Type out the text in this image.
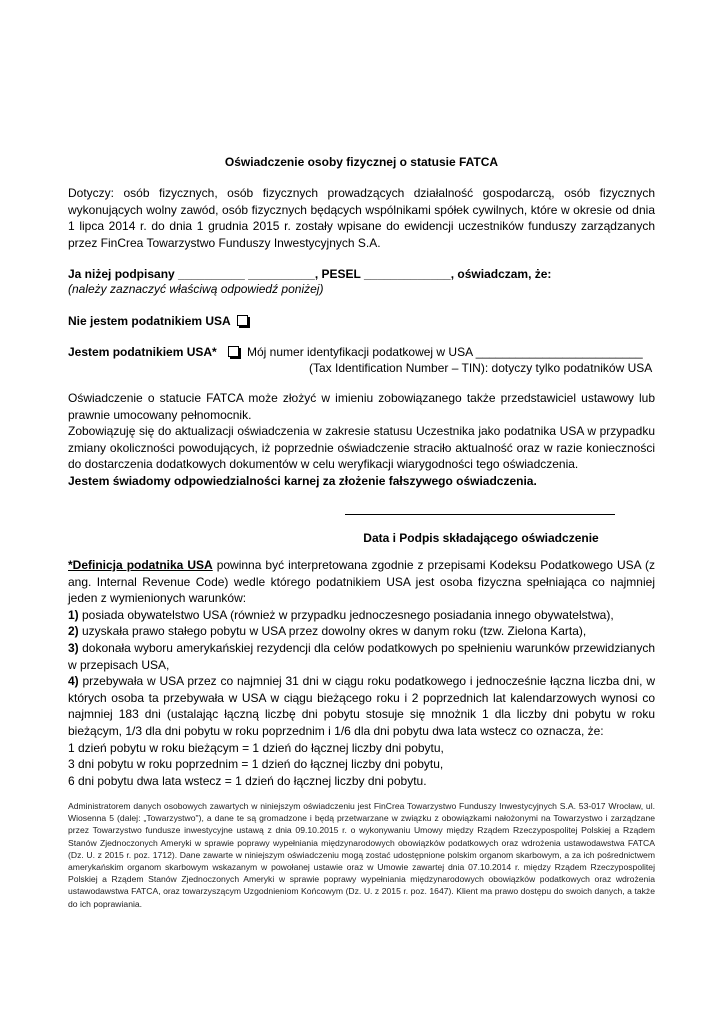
Oświadczenie osoby fizycznej o statusie FATCA
Dotyczy: osób fizycznych, osób fizycznych prowadzących działalność gospodarczą, osób fizycznych wykonujących wolny zawód, osób fizycznych będących wspólnikami spółek cywilnych, które w okresie od dnia 1 lipca 2014 r. do dnia 1 grudnia 2015 r. zostały wpisane do ewidencji uczestników funduszy zarządzanych przez FinCrea Towarzystwo Funduszy Inwestycyjnych S.A.
Ja niżej podpisany __________ __________, PESEL _____________, oświadczam, że:
(należy zaznaczyć właściwą odpowiedź poniżej)
Nie jestem podatnikiem USA
Jestem podatnikiem USA*	Mój numer identyfikacji podatkowej w USA _________________________
(Tax Identification Number – TIN): dotyczy tylko podatników USA
Oświadczenie o statucie FATCA może złożyć w imieniu zobowiązanego także przedstawiciel ustawowy lub prawnie umocowany pełnomocnik.
Zobowiązuję się do aktualizacji oświadczenia w zakresie statusu Uczestnika jako podatnika USA w przypadku zmiany okoliczności powodujących, iż poprzednie oświadczenie straciło aktualność oraz w razie konieczności do dostarczenia dodatkowych dokumentów w celu weryfikacji wiarygodności tego oświadczenia.
Jestem świadomy odpowiedzialności karnej za złożenie fałszywego oświadczenia.
Data i Podpis składającego oświadczenie
*Definicja podatnika USA powinna być interpretowana zgodnie z przepisami Kodeksu Podatkowego USA (z ang. Internal Revenue Code) wedle którego podatnikiem USA jest osoba fizyczna spełniająca co najmniej jeden z wymienionych warunków:
1) posiada obywatelstwo USA (również w przypadku jednoczesnego posiadania innego obywatelstwa),
2) uzyskała prawo stałego pobytu w USA przez dowolny okres w danym roku (tzw. Zielona Karta),
3) dokonała wyboru amerykańskiej rezydencji dla celów podatkowych po spełnieniu warunków przewidzianych w przepisach USA,
4) przebywała w USA przez co najmniej 31 dni w ciągu roku podatkowego i jednocześnie łączna liczba dni, w których osoba ta przebywała w USA w ciągu bieżącego roku i 2 poprzednich lat kalendarzowych wynosi co najmniej 183 dni (ustalając łączną liczbę dni pobytu stosuje się mnożnik 1 dla liczby dni pobytu w roku bieżącym, 1/3 dla dni pobytu w roku poprzednim i 1/6 dla dni pobytu dwa lata wstecz co oznacza, że:
1 dzień pobytu w roku bieżącym = 1 dzień do łącznej liczby dni pobytu,
3 dni pobytu w roku poprzednim = 1 dzień do łącznej liczby dni pobytu,
6 dni pobytu dwa lata wstecz = 1 dzień do łącznej liczby dni pobytu.
Administratorem danych osobowych zawartych w niniejszym oświadczeniu jest FinCrea Towarzystwo Funduszy Inwestycyjnych S.A. 53-017 Wrocław, ul. Wiosenna 5 (dalej: „Towarzystwo"), a dane te są gromadzone i będą przetwarzane w związku z obowiązkami nałożonymi na Towarzystwo i zarządzane przez Towarzystwo fundusze inwestycyjne ustawą z dnia 09.10.2015 r. o wykonywaniu Umowy między Rządem Rzeczypospolitej Polskiej a Rządem Stanów Zjednoczonych Ameryki w sprawie poprawy wypełniania międzynarodowych obowiązków podatkowych oraz wdrożenia ustawodawstwa FATCA (Dz. U. z 2015 r. poz. 1712). Dane zawarte w niniejszym oświadczeniu mogą zostać udostępnione polskim organom skarbowym, a za ich pośrednictwem amerykańskim organom skarbowym wskazanym w powołanej ustawie oraz w Umowie zawartej dnia 07.10.2014 r. między Rządem Rzeczypospolitej Polskiej a Rządem Stanów Zjednoczonych Ameryki w sprawie poprawy wypełniania międzynarodowych obowiązków podatkowych oraz wdrożenia ustawodawstwa FATCA, oraz towarzyszącym Uzgodnieniom Końcowym (Dz. U. z 2015 r. poz. 1647). Klient ma prawo dostępu do swoich danych, a także do ich poprawiania.
